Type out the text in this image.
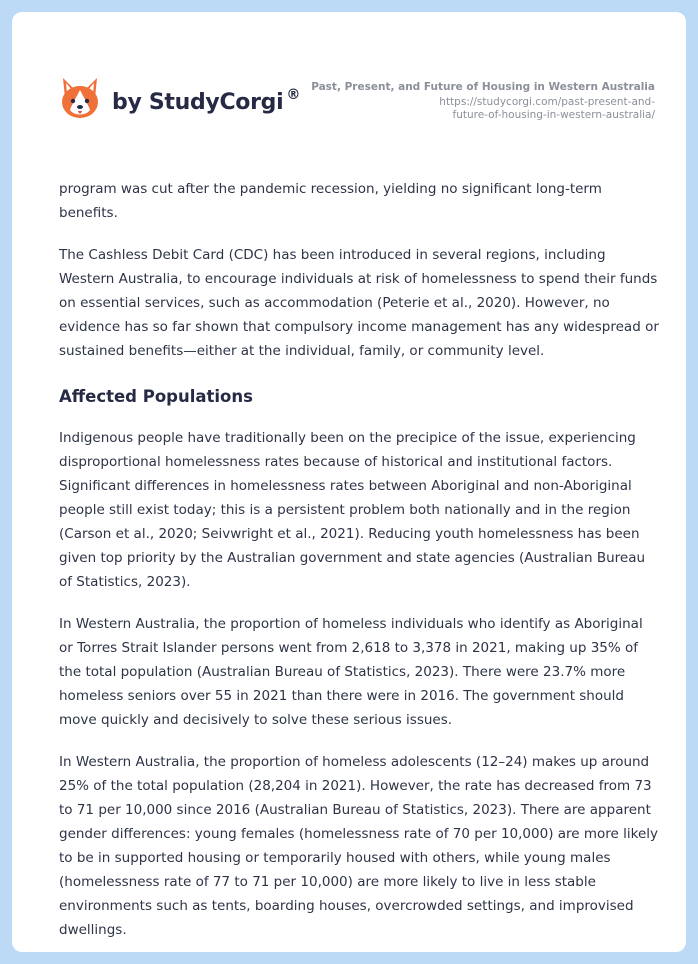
by StudyCorgi ®	Past, Present, and Future of Housing in Western Australia
https://studycorgi.com/past-present-and-future-of-housing-in-western-australia/

program was cut after the pandemic recession, yielding no significant long-term benefits.

The Cashless Debit Card (CDC) has been introduced in several regions, including Western Australia, to encourage individuals at risk of homelessness to spend their funds on essential services, such as accommodation (Peterie et al., 2020). However, no evidence has so far shown that compulsory income management has any widespread or sustained benefits—either at the individual, family, or community level.

Affected Populations

Indigenous people have traditionally been on the precipice of the issue, experiencing disproportional homelessness rates because of historical and institutional factors. Significant differences in homelessness rates between Aboriginal and non-Aboriginal people still exist today; this is a persistent problem both nationally and in the region (Carson et al., 2020; Seivwright et al., 2021). Reducing youth homelessness has been given top priority by the Australian government and state agencies (Australian Bureau of Statistics, 2023).

In Western Australia, the proportion of homeless individuals who identify as Aboriginal or Torres Strait Islander persons went from 2,618 to 3,378 in 2021, making up 35% of the total population (Australian Bureau of Statistics, 2023). There were 23.7% more homeless seniors over 55 in 2021 than there were in 2016. The government should move quickly and decisively to solve these serious issues.

In Western Australia, the proportion of homeless adolescents (12–24) makes up around 25% of the total population (28,204 in 2021). However, the rate has decreased from 73 to 71 per 10,000 since 2016 (Australian Bureau of Statistics, 2023). There are apparent gender differences: young females (homelessness rate of 70 per 10,000) are more likely to be in supported housing or temporarily housed with others, while young males (homelessness rate of 77 to 71 per 10,000) are more likely to live in less stable environments such as tents, boarding houses, overcrowded settings, and improvised dwellings.
